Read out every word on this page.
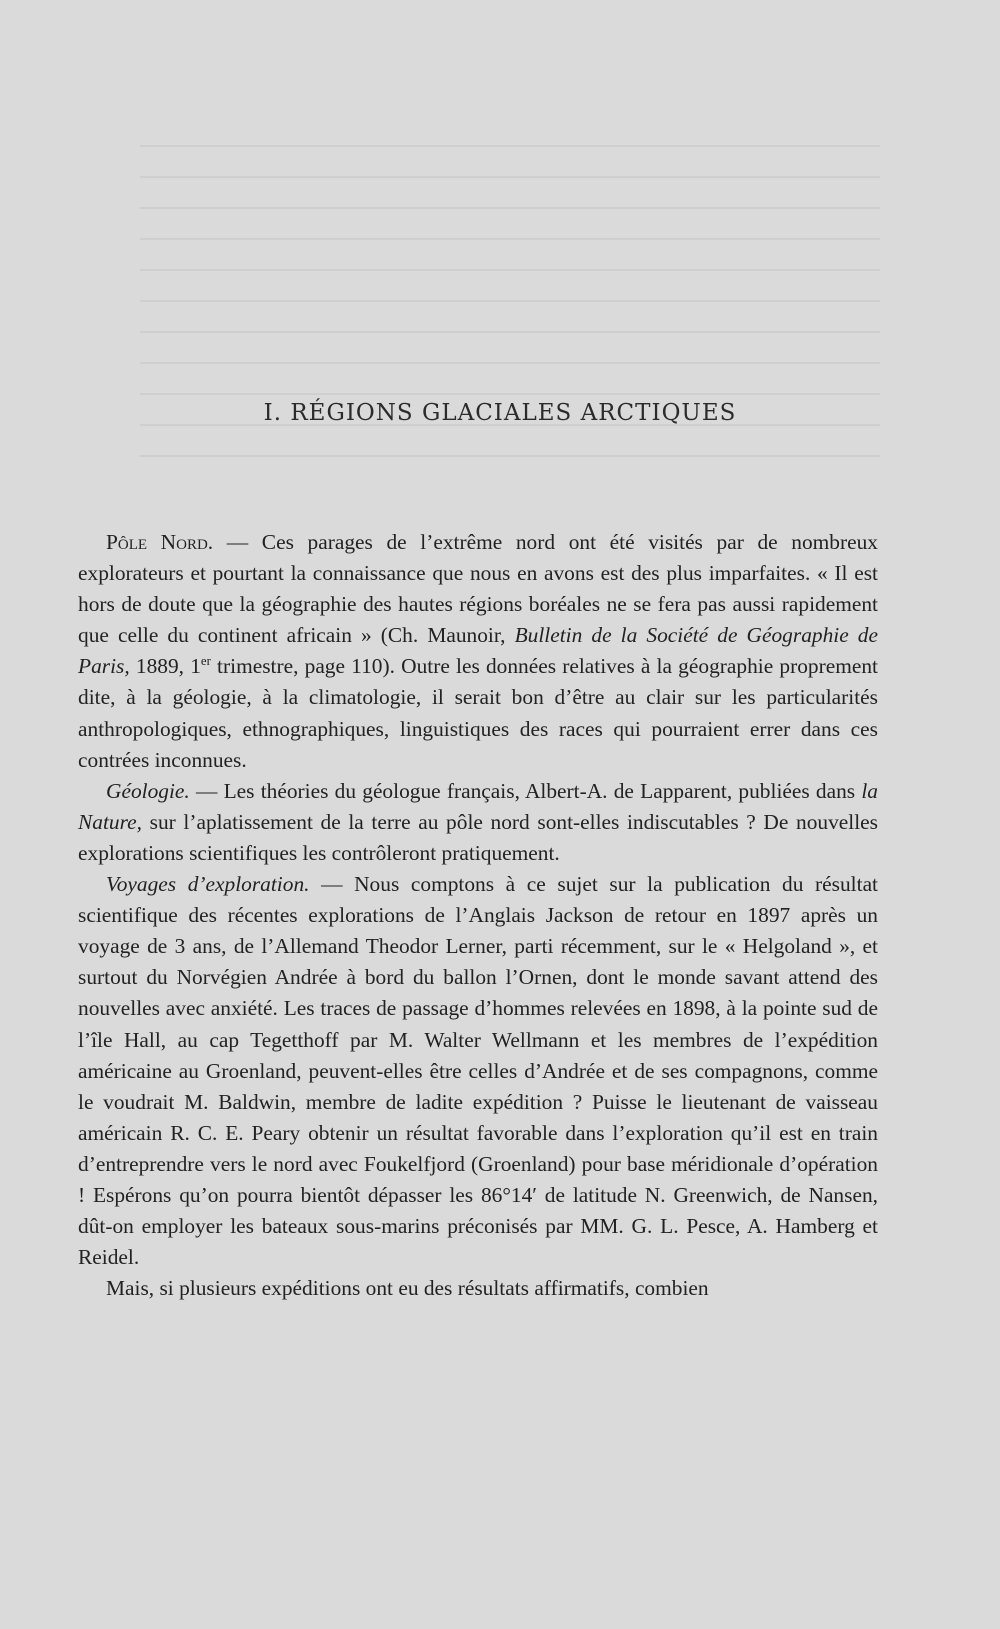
I. RÉGIONS GLACIALES ARCTIQUES

Pôle Nord. — Ces parages de l’extrême nord ont été visités par de nombreux explorateurs et pourtant la connaissance que nous en avons est des plus imparfaites. « Il est hors de doute que la géographie des hautes régions boréales ne se fera pas aussi rapidement que celle du continent africain » (Ch. Maunoir, Bulletin de la Société de Géographie de Paris, 1889, 1er trimestre, page 110). Outre les données relatives à la géographie proprement dite, à la géologie, à la climatologie, il serait bon d’être au clair sur les particularités anthropologiques, ethnographiques, linguistiques des races qui pourraient errer dans ces contrées inconnues.

Géologie. — Les théories du géologue français, Albert-A. de Lapparent, publiées dans la Nature, sur l’aplatissement de la terre au pôle nord sont-elles indiscutables ? De nouvelles explorations scientifiques les contrôleront pratiquement.

Voyages d’exploration. — Nous comptons à ce sujet sur la publication du résultat scientifique des récentes explorations de l’Anglais Jackson de retour en 1897 après un voyage de 3 ans, de l’Allemand Theodor Lerner, parti récemment, sur le « Helgoland », et surtout du Norvégien Andrée à bord du ballon l’Ornen, dont le monde savant attend des nouvelles avec anxiété. Les traces de passage d’hommes relevées en 1898, à la pointe sud de l’île Hall, au cap Tegetthoff par M. Walter Wellmann et les membres de l’expédition américaine au Groenland, peuvent-elles être celles d’Andrée et de ses compagnons, comme le voudrait M. Baldwin, membre de ladite expédition ? Puisse le lieutenant de vaisseau américain R. C. E. Peary obtenir un résultat favorable dans l’exploration qu’il est en train d’entreprendre vers le nord avec Foukelfjord (Groenland) pour base méridionale d’opération ! Espérons qu’on pourra bientôt dépasser les 86°14′ de latitude N. Greenwich, de Nansen, dût-on employer les bateaux sous-marins préconisés par MM. G. L. Pesce, A. Hamberg et Reidel.

Mais, si plusieurs expéditions ont eu des résultats affirmatifs, combien
